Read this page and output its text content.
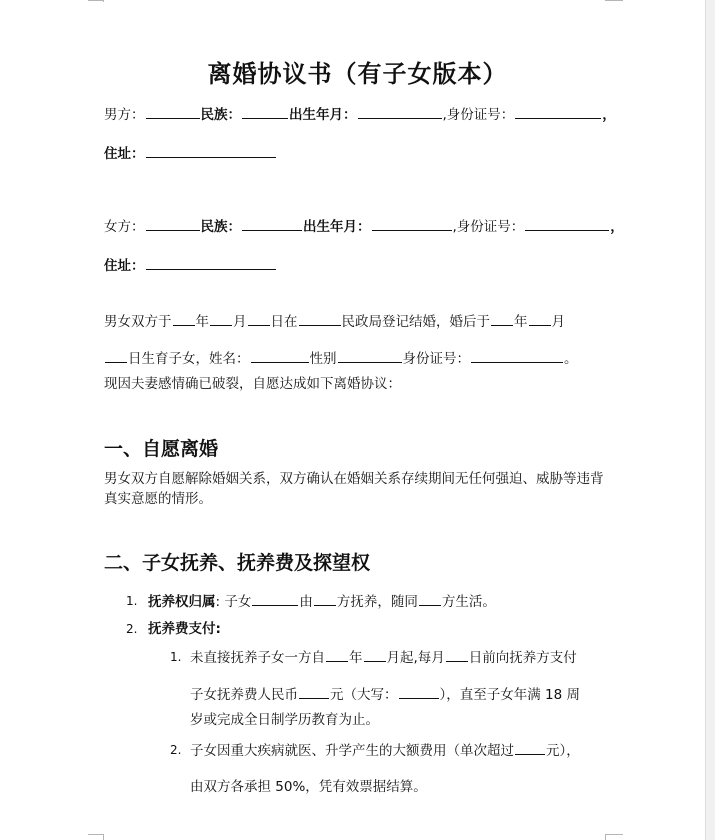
离婚协议书（有子女版本）
男方：	民族：	出生年月：	,身份证号：	，
住址：
女方：	民族：	出生年月：	,身份证号：	，
住址：
男女双方于 年 月 日在	民政局登记结婚，婚后于 年 月
日生育子女，姓名：	性别	身份证号：	。
现因夫妻感情确已破裂，自愿达成如下离婚协议：
一、自愿离婚
男女双方自愿解除婚姻关系，双方确认在婚姻关系存续期间无任何强迫、威胁等违背真实意愿的情形。
二、子女抚养、抚养费及探望权
1. 抚养权归属: 子女	由 方抚养，随同 方生活。
2. 抚养费支付:
1. 未直接抚养子女一方自 年 月起,每月 日前向抚养方支付
子女抚养费人民币 元（大写：	），直至子女年满 18 周
岁或完成全日制学历教育为止。
2. 子女因重大疾病就医、升学产生的大额费用（单次超过 元），
由双方各承担 50%，凭有效票据结算。
